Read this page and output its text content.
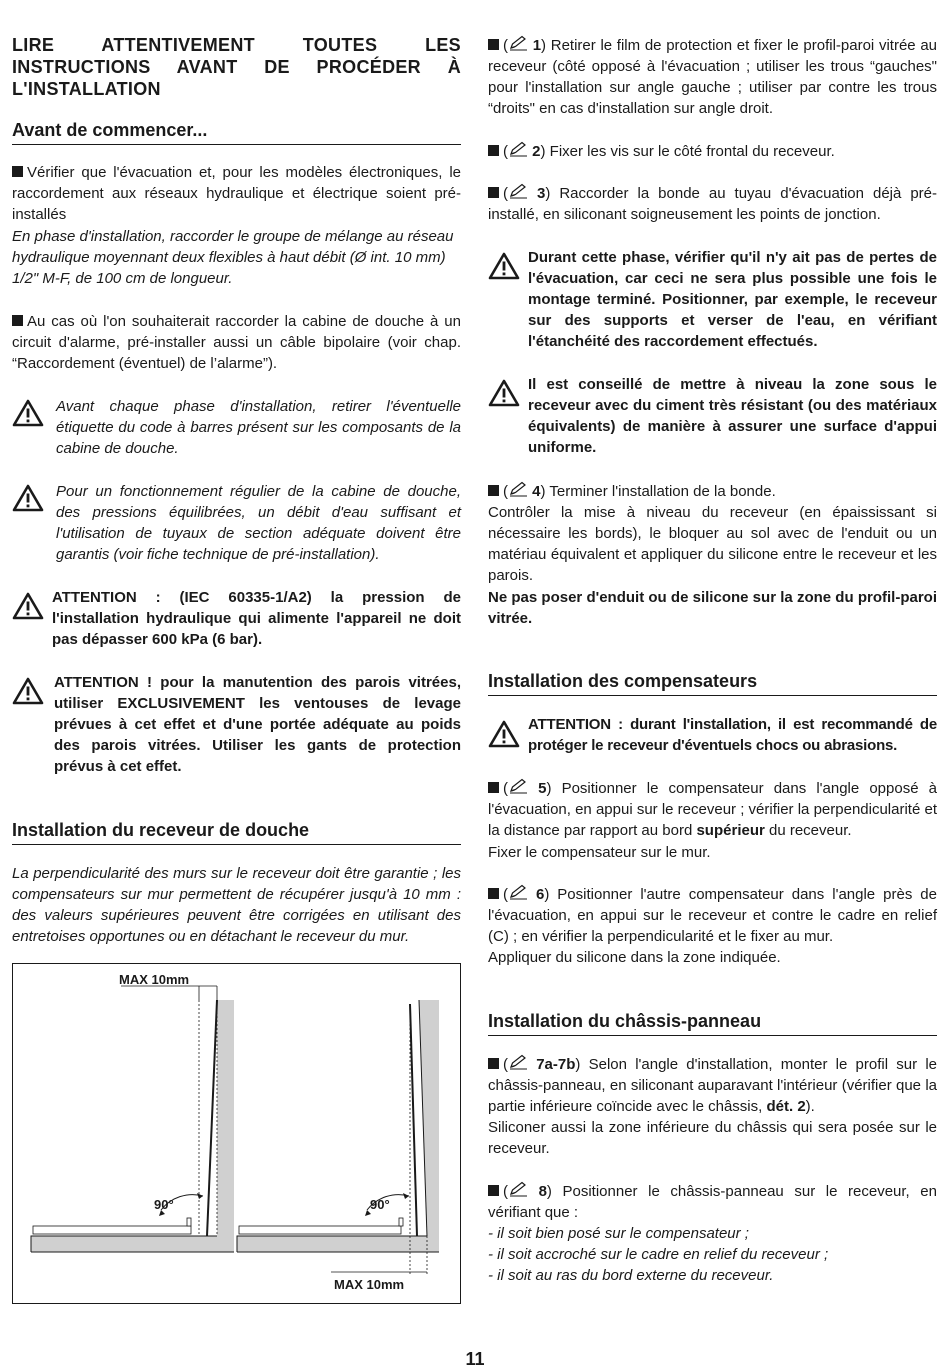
LIRE ATTENTIVEMENT TOUTES LES INSTRUCTIONS AVANT DE PROCÉDER À L'INSTALLATION

Avant de commencer...

Vérifier que l'évacuation et, pour les modèles électroniques, le raccordement aux réseaux hydraulique et électrique soient pré-installés

En phase d'installation, raccorder le groupe de mélange au réseau hydraulique moyennant deux flexibles à haut débit (Ø int. 10 mm) 1/2" M-F, de 100 cm de longueur.

Au cas où l'on souhaiterait raccorder la cabine de douche à un circuit d'alarme, pré-installer aussi un câble bipolaire (voir chap. “Raccordement (éventuel) de l’alarme”).

Avant chaque phase d'installation, retirer l'éventuelle étiquette du code à barres présent sur les composants de la cabine de douche.

Pour un fonctionnement régulier de la cabine de douche, des pressions équilibrées, un débit d'eau suffisant et l'utilisation de tuyaux de section adéquate doivent être garantis (voir fiche technique de pré-installation).

ATTENTION : (IEC 60335-1/A2) la pression de l'installation hydraulique qui alimente l'appareil ne doit pas dépasser 600 kPa (6 bar).

ATTENTION ! pour la manutention des parois vitrées, utiliser EXCLUSIVEMENT les ventouses de levage prévues à cet effet et d'une portée adéquate au poids des parois vitrées. Utiliser les gants de protection prévus à cet effet.

Installation du receveur de douche

La perpendicularité des murs sur le receveur doit être garantie ; les compensateurs sur mur permettent de récupérer jusqu'à 10 mm : des valeurs supérieures peuvent être corrigées en utilisant des entretoises opportunes ou en détachant le receveur du mur.

MAX 10mm
90°	90°
MAX 10mm

( 1) Retirer le film de protection et fixer le profil-paroi vitrée au receveur (côté opposé à l'évacuation ; utiliser les trous “gauches" pour l'installation sur angle gauche ; utiliser par contre les trous “droits" en cas d'installation sur angle droit.

( 2) Fixer les vis sur le côté frontal du receveur.

( 3) Raccorder la bonde au tuyau d'évacuation déjà pré-installé, en siliconant soigneusement les points de jonction.

Durant cette phase, vérifier qu'il n'y ait pas de pertes de l'évacuation, car ceci ne sera plus possible une fois le montage terminé. Positionner, par exemple, le receveur sur des supports et verser de l'eau, en vérifiant l'étanchéité des raccordement effectués.

Il est conseillé de mettre à niveau la zone sous le receveur avec du ciment très résistant (ou des matériaux équivalents) de manière à assurer une surface d'appui uniforme.

( 4) Terminer l'installation de la bonde.

Contrôler la mise à niveau du receveur (en épaississant si nécessaire les bords), le bloquer au sol avec de l'enduit ou un matériau équivalent et appliquer du silicone entre le receveur et les parois.

Ne pas poser d'enduit ou de silicone sur la zone du profil-paroi vitrée.

Installation des compensateurs

ATTENTION : durant l'installation, il est recommandé de protéger le receveur d'éventuels chocs ou abrasions.

( 5) Positionner le compensateur dans l'angle opposé à l'évacuation, en appui sur le receveur ; vérifier la perpendicularité et la distance par rapport au bord supérieur du receveur.

Fixer le compensateur sur le mur.

( 6) Positionner l'autre compensateur dans l'angle près de l'évacuation, en appui sur le receveur et contre le cadre en relief (C) ; en vérifier la perpendicularité et le fixer au mur.

Appliquer du silicone dans la zone indiquée.

Installation du châssis-panneau

( 7a-7b) Selon l'angle d'installation, monter le profil sur le châssis-panneau, en siliconant auparavant l'intérieur (vérifier que la partie inférieure coïncide avec le châssis, dét. 2).

Siliconer aussi la zone inférieure du châssis qui sera posée sur le receveur.

( 8) Positionner le châssis-panneau sur le receveur, en vérifiant que :

- il soit bien posé sur le compensateur ;

- il soit accroché sur le cadre en relief du receveur ;

- il soit au ras du bord externe du receveur.

11
